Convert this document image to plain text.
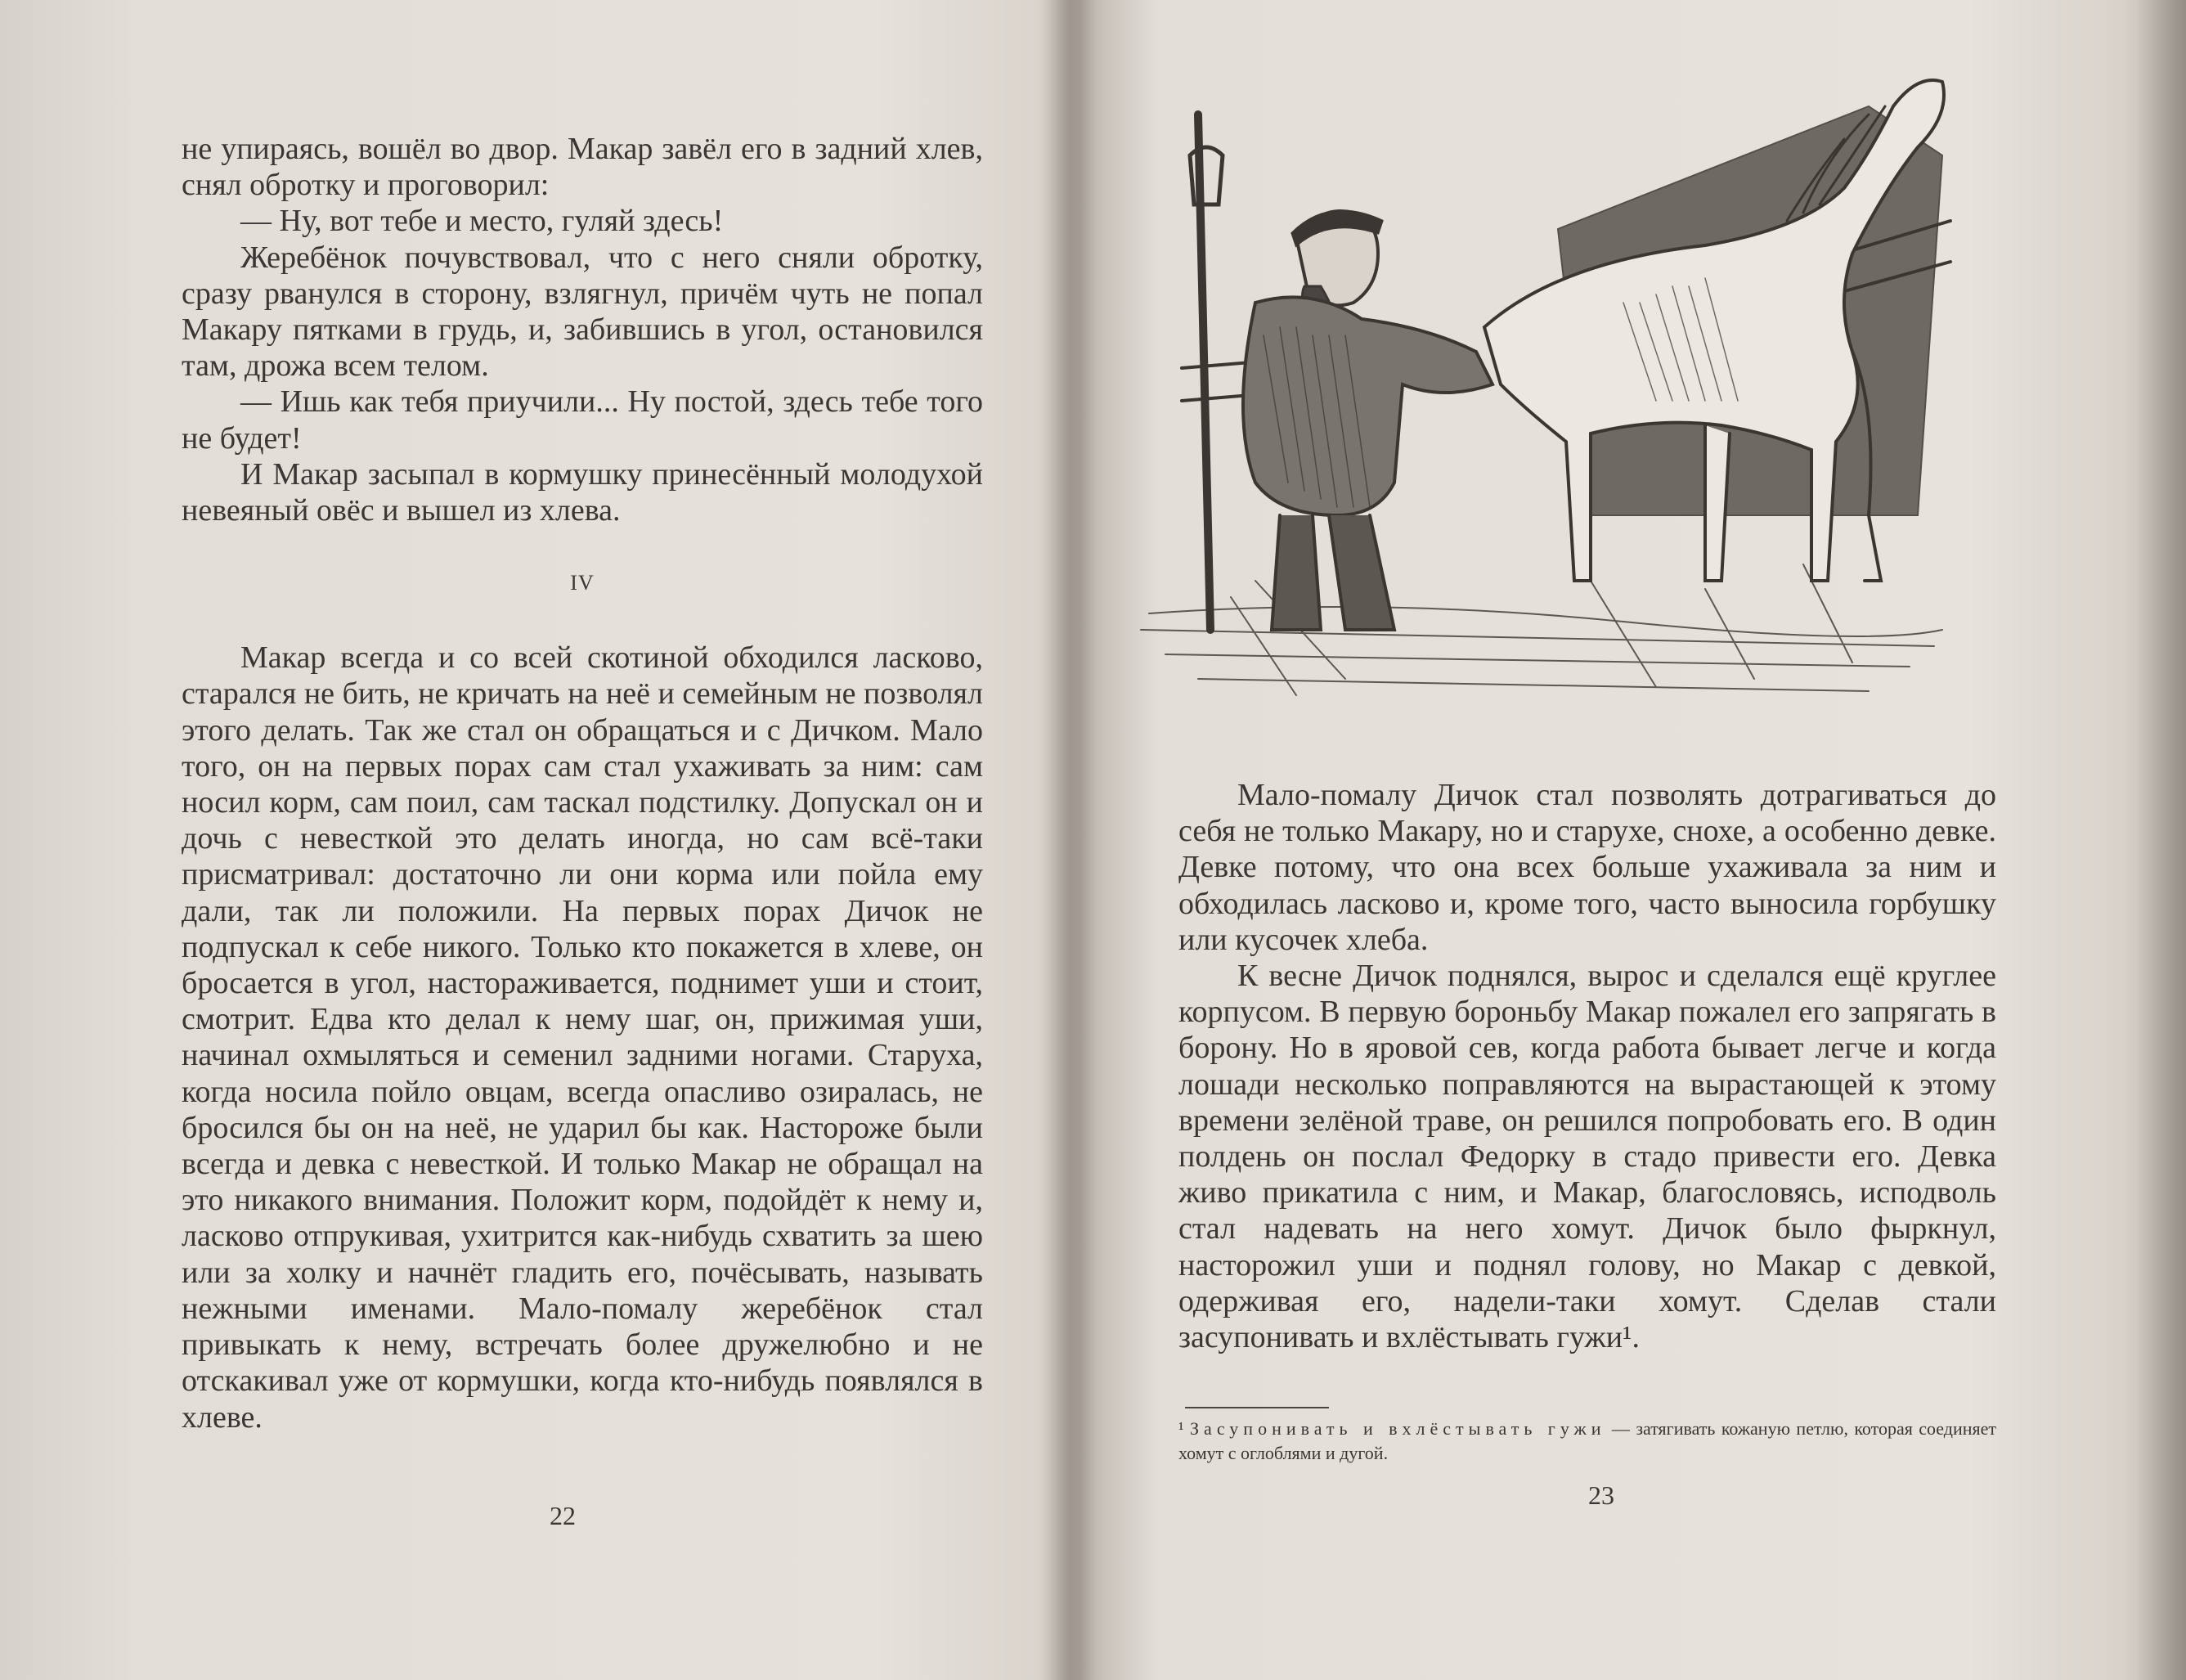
не упираясь, вошёл во двор. Макар завёл его в задний хлев, снял обротку и проговорил:

— Ну, вот тебе и место, гуляй здесь!

Жеребёнок почувствовал, что с него сняли обротку, сразу рванулся в сторону, взлягнул, причём чуть не попал Макару пятками в грудь, и, забившись в угол, остановился там, дрожа всем телом.

— Ишь как тебя приучили... Ну постой, здесь тебе того не будет!

И Макар засыпал в кормушку принесённый молодухой невеяный овёс и вышел из хлева.

IV

Макар всегда и со всей скотиной обходился ласково, старался не бить, не кричать на неё и семейным не позволял этого делать. Так же стал он обращаться и с Дичком. Мало того, он на первых порах сам стал ухаживать за ним: сам носил корм, сам поил, сам таскал подстилку. Допускал он и дочь с невесткой это делать иногда, но сам всё-таки присматривал: достаточно ли они корма или пойла ему дали, так ли положили. На первых порах Дичок не подпускал к себе никого. Только кто покажется в хлеве, он бросается в угол, настораживается, поднимет уши и стоит, смотрит. Едва кто делал к нему шаг, он, прижимая уши, начинал охмыляться и семенил задними ногами. Старуха, когда носила пойло овцам, всегда опасливо озиралась, не бросился бы он на неё, не ударил бы как. Настороже были всегда и девка с невесткой. И только Макар не обращал на это никакого внимания. Положит корм, подойдёт к нему и, ласково отпрукивая, ухитрится как-нибудь схватить за шею или за холку и начнёт гладить его, почёсывать, называть нежными именами. Мало-помалу жеребёнок стал привыкать к нему, встречать более дружелюбно и не отскакивал уже от кормушки, когда кто-нибудь появлялся в хлеве.

22

Мало-помалу Дичок стал позволять дотрагиваться до себя не только Макару, но и старухе, снохе, а особенно девке. Девке потому, что она всех больше ухаживала за ним и обходилась ласково и, кроме того, часто выносила горбушку или кусочек хлеба.

К весне Дичок поднялся, вырос и сделался ещё круглее корпусом. В первую бороньбу Макар пожалел его запрягать в борону. Но в яровой сев, когда работа бывает легче и когда лошади несколько поправляются на вырастающей к этому времени зелёной траве, он решился попробовать его. В один полдень он послал Федорку в стадо привести его. Девка живо прикатила с ним, и Макар, благословясь, исподволь стал надевать на него хомут. Дичок было фыркнул, насторожил уши и поднял голову, но Макар с девкой, одерживая его, надели-таки хомут. Сделав стали засупонивать и вхлёстывать гужи¹.

¹ Засупонивать и вхлёстывать гужи — затягивать кожаную петлю, которая соединяет хомут с оглоблями и дугой.
23
